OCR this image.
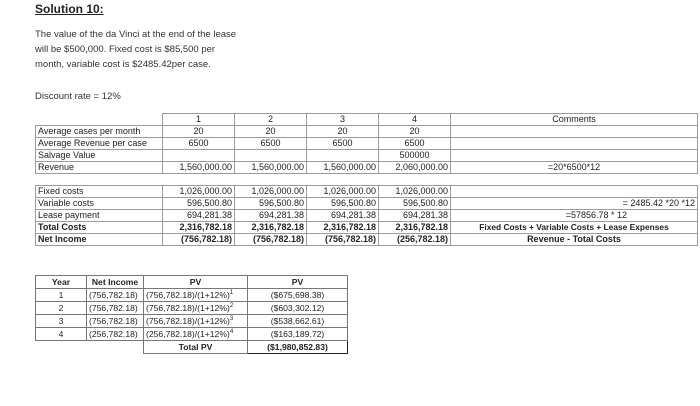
Solution 10:
The value of the da Vinci at the end of the lease
will be $500,000. Fixed cost is $85,500 per
month, variable cost is $2485.42per case.
Discount rate = 12%
	1	2	3	4	Comments
Average cases per month	20	20	20	20	
Average Revenue per case	6500	6500	6500	6500	
Salvage Value				500000	
Revenue	1,560,000.00	1,560,000.00	1,560,000.00	2,060,000.00	=20*6500*12

Fixed costs	1,026,000.00	1,026,000.00	1,026,000.00	1,026,000.00	
Variable costs	596,500.80	596,500.80	596,500.80	596,500.80	= 2485.42 *20 *12
Lease payment	694,281.38	694,281.38	694,281.38	694,281.38	=57856.78 * 12
Total Costs	2,316,782.18	2,316,782.18	2,316,782.18	2,316,782.18	Fixed Costs + Variable Costs + Lease Expenses
Net Income	(756,782.18)	(756,782.18)	(756,782.18)	(256,782.18)	Revenue - Total Costs
Year	Net Income	PV	PV
1	(756,782.18)	$(756,782.18)/(1+12\%)^1$	($675,698.38)
2	(756,782.18)	$(756,782.18)/(1+12\%)^2$	($603,302.12)
3	(756,782.18)	$(756,782.18)/(1+12\%)^3$	($538,662.61)
4	(256,782.18)	$(256,782.18)/(1+12\%)^4$	($163,189.72)
		Total PV	($1,980,852.83)
